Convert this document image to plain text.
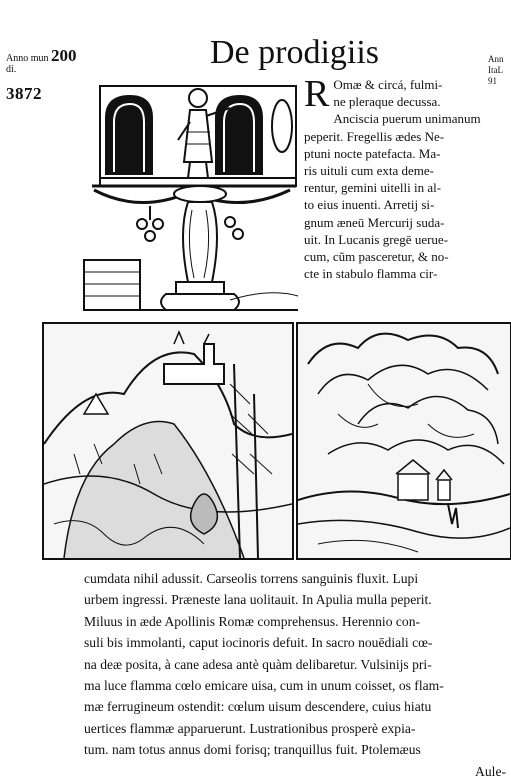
Anno mun 200
di.
3872
De prodigiis	Ann
ItaL
91
R Omæ & circá, fulmi-
ne pleraque decussa.
Anciscia puerum unimanum
peperit. Fregellis ædes Ne-
ptuni nocte patefacta. Ma-
ris uituli cum exta deme-
rentur, gemini uitelli in al-
to eius inuenti. Arretij si-
gnum æneū Mercurij suda-
uit. In Lucanis gregē uerue-
cum, cũm pasceretur, & no-
cte in stabulo flamma cir-
cumdata nihil adussit. Carseolis torrens sanguinis fluxit. Lupi
urbem ingressi. Præneste lana uolitauit. In Apulia mulla peperit.
Miluus in æde Apollinis Romæ comprehensus. Herennio con-
suli bis immolanti, caput iocinoris defuit. In sacro nouēdiali cœ-
na deæ posita, à cane adesa antè quàm delibaretur. Vulsinijs pri-
ma luce flamma cœlo emicare uisa, cum in unum coisset, os flam-
mæ ferrugineum ostendit: cœlum uisum descendere, cuius hiatu
uertices flammæ apparuerunt. Lustrationibus prosperè expia-
tum. nam totus annus domi forisq; tranquillus fuit. Ptolemæus
Aule-
